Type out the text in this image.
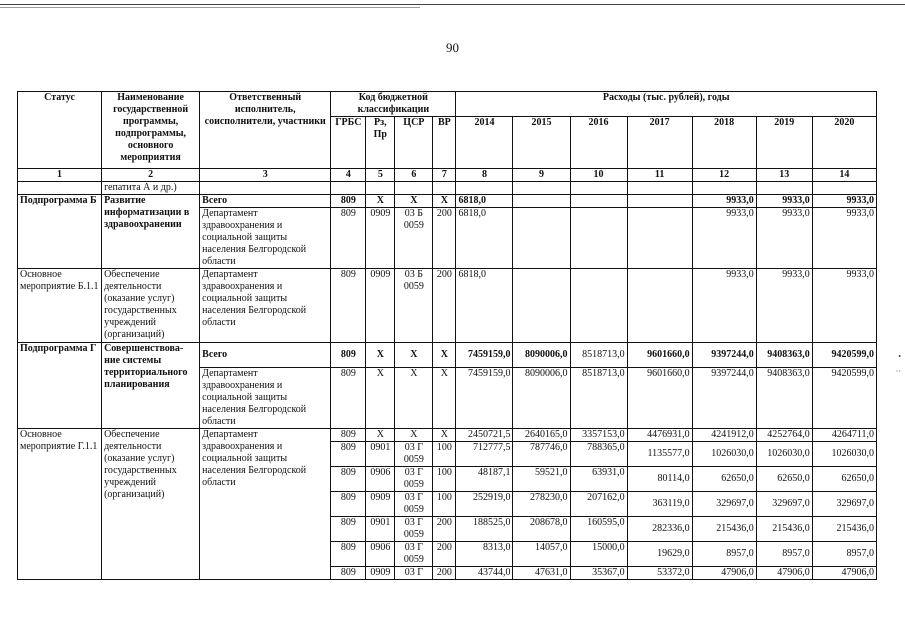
90
•
··
Статус	Наименование государственной программы, подпрограммы, основного мероприятия	Ответственный исполнитель, соисполнители, участники	Код бюджетной классификации				Расходы (тыс. рублей), годы						
			ГРБС	Рз, Пр	ЦСР	ВР	2014	2015	2016	2017	2018	2019	2020
1	2	3	4	5	6	7	8	9	10	11	12	13	14
	гепатита А и др.)												
Подпрограмма Б	Развитие информатизации в здравоохранении	Всего	809	Х	Х	Х	6818,0				9933,0	9933,0	9933,0
		Департамент здравоохранения и социальной защиты населения Белгородской области	809	0909	03 Б 0059	200	6818,0				9933,0	9933,0	9933,0
Основное мероприятие Б.1.1	Обеспечение деятельности (оказание услуг) государственных учреждений (организаций)	Департамент здравоохранения и социальной защиты населения Белгородской области	809	0909	03 Б 0059	200	6818,0				9933,0	9933,0	9933,0
Подпрограмма Г	Совершенствова-ние системы территориального планирования	Всего	809	Х	Х	Х	7459159,0	8090006,0	8518713,0	9601660,0	9397244,0	9408363,0	9420599,0
		Департамент здравоохранения и социальной защиты населения Белгородской области	809	Х	Х	Х	7459159,0	8090006,0	8518713,0	9601660,0	9397244,0	9408363,0	9420599,0
Основное мероприятие Г.1.1	Обеспечение деятельности (оказание услуг) государственных учреждений (организаций)	Департамент здравоохранения и социальной защиты населения Белгородской области	809	Х	Х	Х	2450721,5	2640165,0	3357153,0	4476931,0	4241912,0	4252764,0	4264711,0
			809	0901	03 Г 0059	100	712777,5	787746,0	788365,0	1135577,0	1026030,0	1026030,0	1026030,0
			809	0906	03 Г 0059	100	48187,1	59521,0	63931,0	80114,0	62650,0	62650,0	62650,0
			809	0909	03 Г 0059	100	252919,0	278230,0	207162,0	363119,0	329697,0	329697,0	329697,0
			809	0901	03 Г 0059	200	188525,0	208678,0	160595,0	282336,0	215436,0	215436,0	215436,0
			809	0906	03 Г 0059	200	8313,0	14057,0	15000,0	19629,0	8957,0	8957,0	8957,0
			809	0909	03 Г	200	43744,0	47631,0	35367,0	53372,0	47906,0	47906,0	47906,0
